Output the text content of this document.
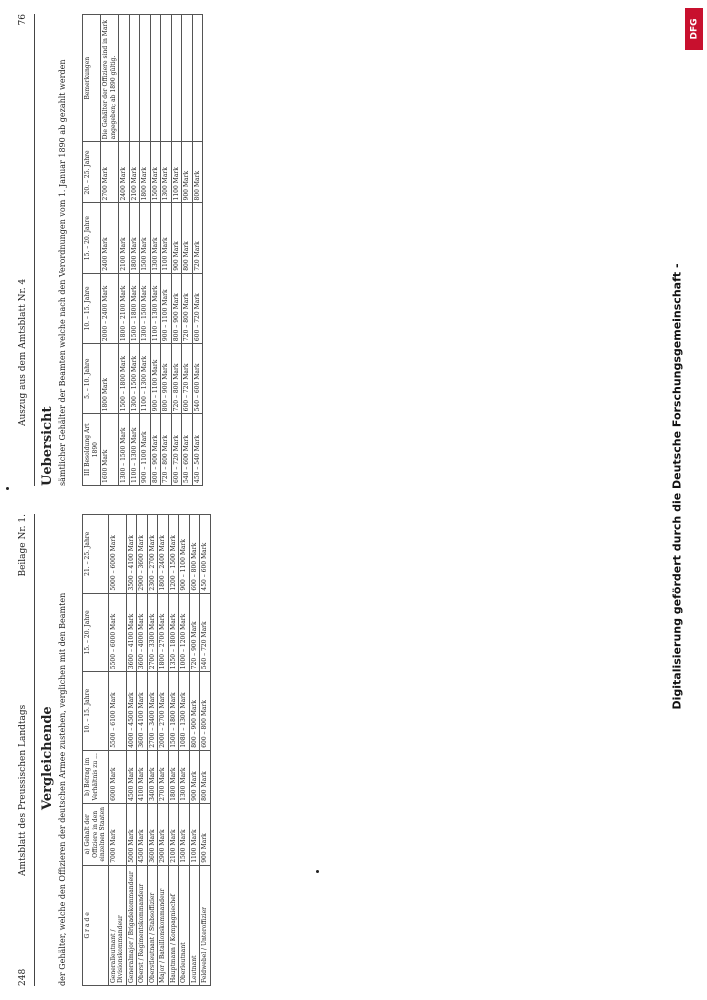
248
Amtsblatt des Preussischen Landtags
Beilage Nr. 1.
Vergleichende der Gehälter, welche den Offizieren der deutschen Armee zustehen, verglichen mit den Beamten	G r a d e	a) Gehalt der Offiziere in den einzelnen Staaten	b) Betrag im Verhältnis zu ...	10. – 15. Jahre	15. – 20. Jahre	21. – 25. Jahre
Generalleutnant / Divisionskommandeur	7000 Mark	6000 Mark	5500 – 6100 Mark	5500 – 6000 Mark	5000 – 6000 Mark
Generalmajor / Brigadekommandeur	5000 Mark	4500 Mark	4000 – 4500 Mark	3600 – 4100 Mark	3500 – 4100 Mark
Oberst / Regimentskommandeur	4500 Mark	4100 Mark	3600 – 4100 Mark	3600 – 4000 Mark	2900 – 3600 Mark
Oberstleutnant / Stabsoffizier	3600 Mark	3400 Mark	2700 – 3400 Mark	2700 – 3300 Mark	2300 – 2700 Mark
Major / Bataillonskommandeur	2900 Mark	2700 Mark	2000 – 2700 Mark	1800 – 2700 Mark	1800 – 2400 Mark
Hauptmann / Kompagniechef	2100 Mark	1800 Mark	1500 – 1800 Mark	1350 – 1800 Mark	1200 – 1500 Mark
Oberleutnant	1500 Mark	1300 Mark	1080 – 1300 Mark	1000 – 1200 Mark	900 – 1100 Mark
Leutnant	1100 Mark	900 Mark	800 – 900 Mark	720 – 900 Mark	600 – 800 Mark
Feldwebel / Unteroffizier	900 Mark	800 Mark	600 – 800 Mark	540 – 720 Mark	450 – 600 Mark
Auszug aus dem Amtsblatt Nr. 4
76
Uebersicht sämtlicher Gehälter der Beamten welche nach den Verordnungen vom 1. Januar 1890 ab gezahlt werden	III Besoldung Art 1890	5. – 10. Jahre	10. – 15. Jahre	15. – 20. Jahre	20. – 25. Jahre	Bemerkungen
1600 Mark	1800 Mark	2000 – 2400 Mark	2400 Mark	2700 Mark	Die Gehälter der Offiziere sind in Mark angegeben; ab 1890 gültig.
1300 – 1500 Mark	1500 – 1800 Mark	1800 – 2100 Mark	2100 Mark	2400 Mark	
1100 – 1300 Mark	1300 – 1500 Mark	1500 – 1800 Mark	1800 Mark	2100 Mark	
900 – 1100 Mark	1100 – 1300 Mark	1300 – 1500 Mark	1500 Mark	1800 Mark	
800 – 900 Mark	900 – 1100 Mark	1100 – 1300 Mark	1300 Mark	1500 Mark	
720 – 800 Mark	800 – 900 Mark	900 – 1100 Mark	1100 Mark	1300 Mark	
600 – 720 Mark	720 – 800 Mark	800 – 900 Mark	900 Mark	1100 Mark	
540 – 600 Mark	600 – 720 Mark	720 – 800 Mark	800 Mark	900 Mark	
450 – 540 Mark	540 – 600 Mark	600 – 720 Mark	720 Mark	800 Mark	
DFG
Digitalisierung gefördert durch die Deutsche Forschungsgemeinschaft -
